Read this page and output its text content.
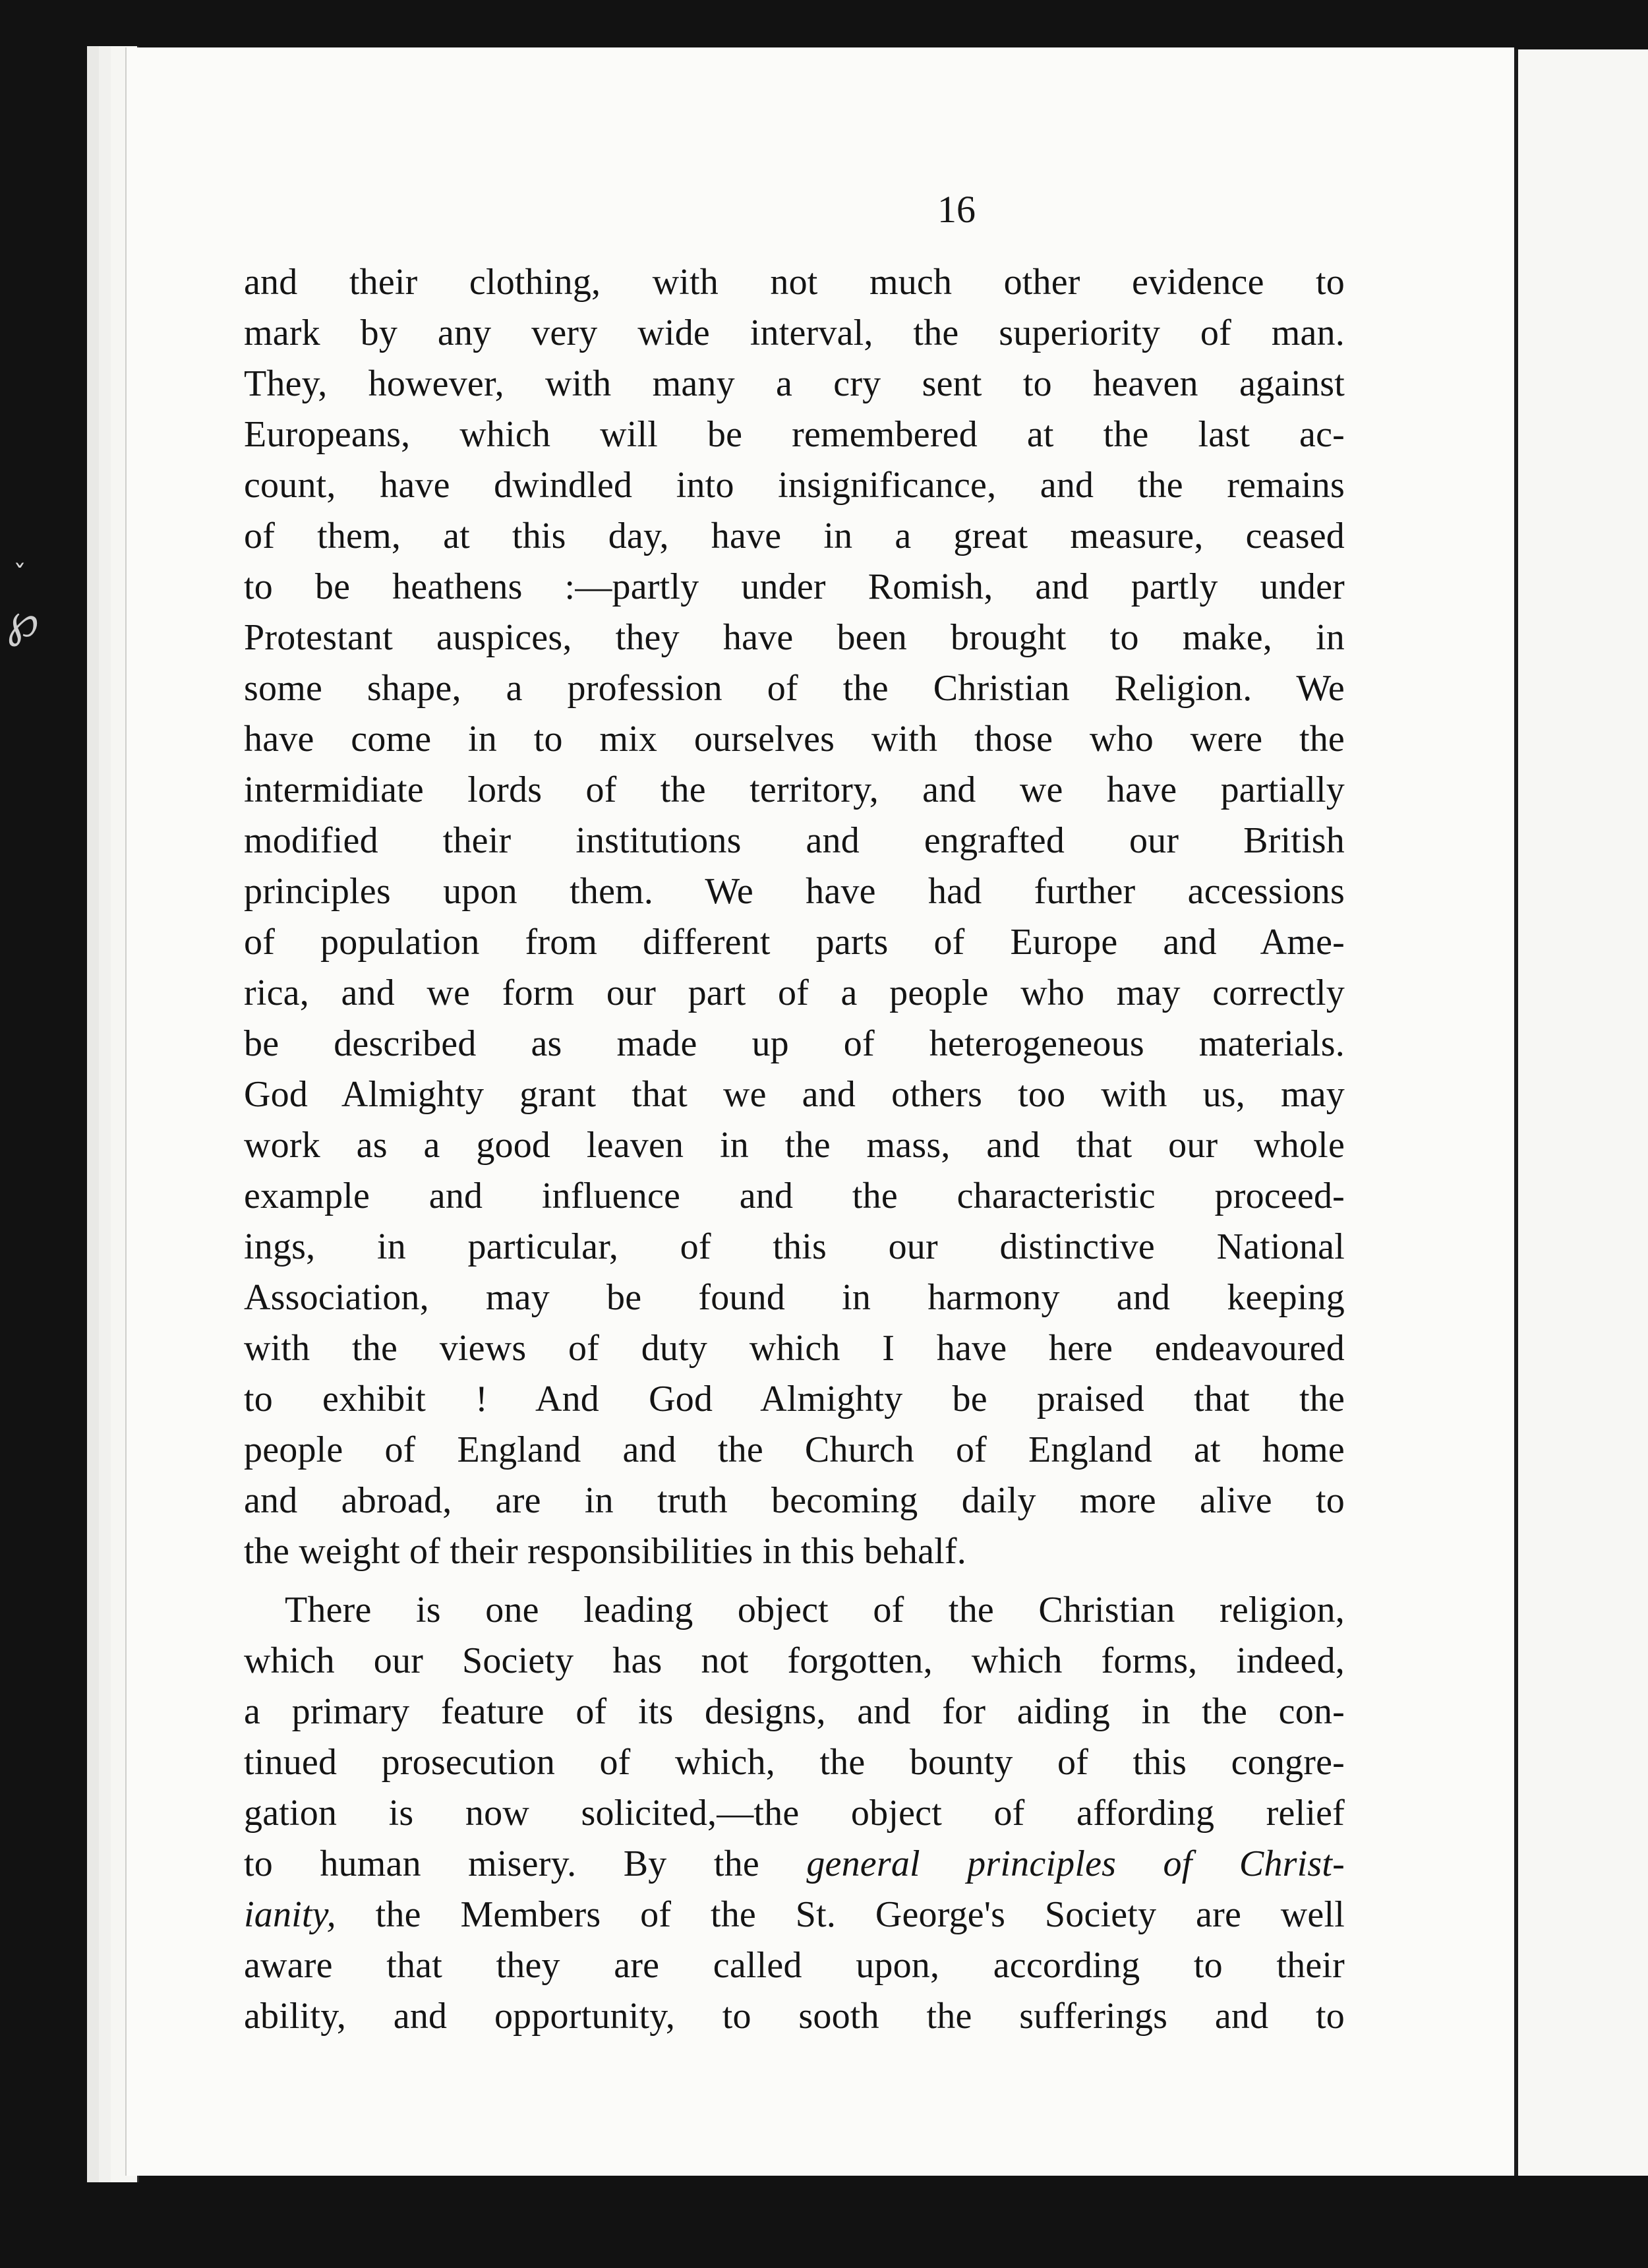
ˇ
℘

16

and their clothing, with not much other evidence to
mark by any very wide interval, the superiority of man.
They, however, with many a cry sent to heaven against
Europeans, which will be remembered at the last ac-
count, have dwindled into insignificance, and the remains
of them, at this day, have in a great measure, ceased
to be heathens :—partly under Romish, and partly under
Protestant auspices, they have been brought to make, in
some shape, a profession of the Christian Religion. We
have come in to mix ourselves with those who were the
intermidiate lords of the territory, and we have partially
modified their institutions and engrafted our British
principles upon them. We have had further accessions
of population from different parts of Europe and Ame-
rica, and we form our part of a people who may correctly
be described as made up of heterogeneous materials.
God Almighty grant that we and others too with us, may
work as a good leaven in the mass, and that our whole
example and influence and the characteristic proceed-
ings, in particular, of this our distinctive National
Association, may be found in harmony and keeping
with the views of duty which I have here endeavoured
to exhibit ! And God Almighty be praised that the
people of England and the Church of England at home
and abroad, are in truth becoming daily more alive to
the weight of their responsibilities in this behalf.
There is one leading object of the Christian religion,
which our Society has not forgotten, which forms, indeed,
a primary feature of its designs, and for aiding in the con-
tinued prosecution of which, the bounty of this congre-
gation is now solicited,—the object of affording relief
to human misery. By the general principles of Christ-
ianity, the Members of the St. George's Society are well
aware that they are called upon, according to their
ability, and opportunity, to sooth the sufferings and to
